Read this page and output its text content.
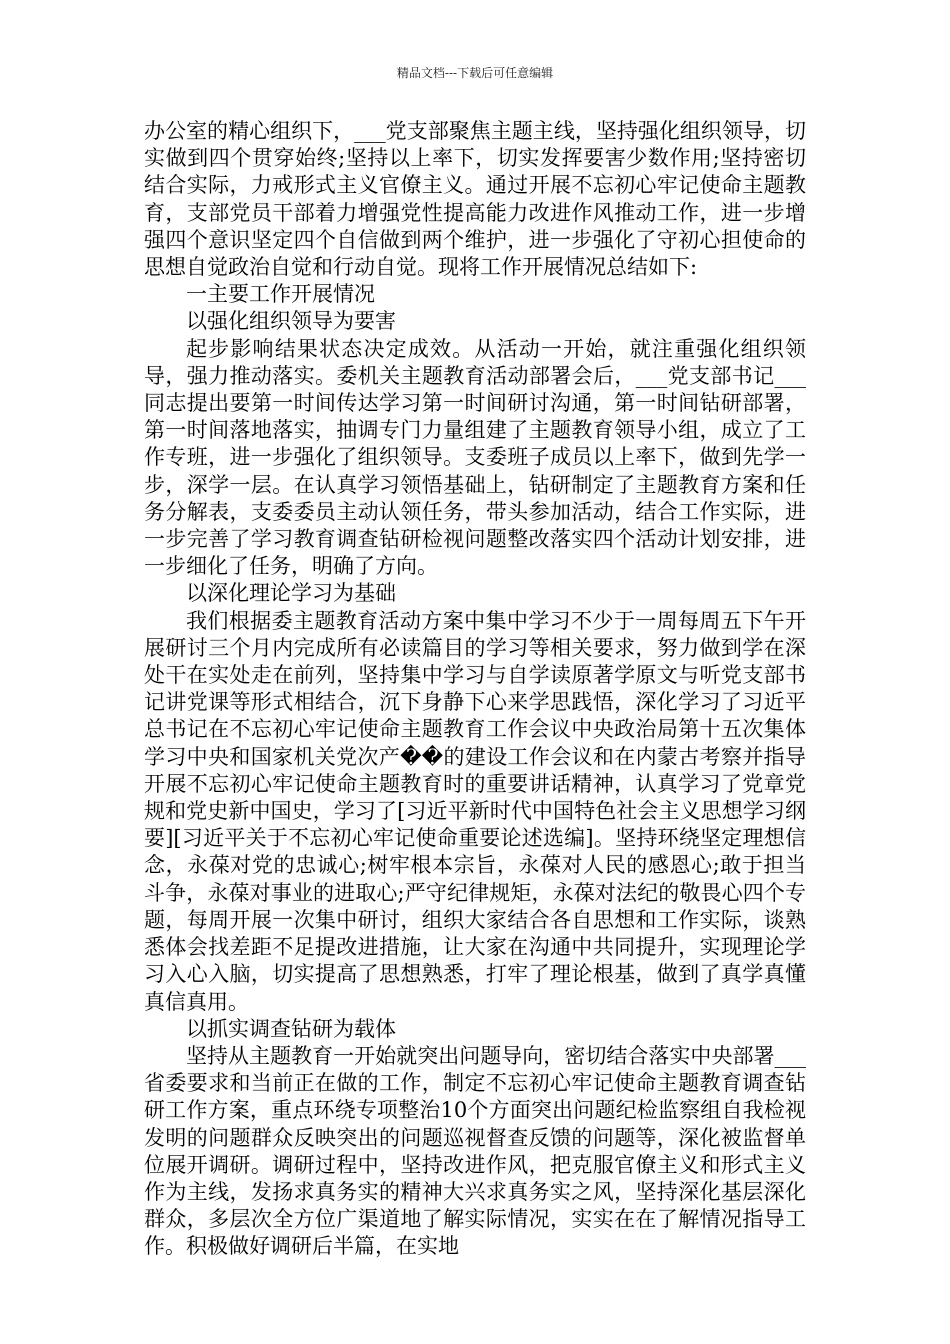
精品文档---下载后可任意编辑

办公室的精心组织下，___党支部聚焦主题主线，坚持强化组织领导，切实做到四个贯穿始终;坚持以上率下，切实发挥要害少数作用;坚持密切结合实际，力戒形式主义官僚主义。通过开展不忘初心牢记使命主题教育，支部党员干部着力增强党性提高能力改进作风推动工作，进一步增强四个意识坚定四个自信做到两个维护，进一步强化了守初心担使命的思想自觉政治自觉和行动自觉。现将工作开展情况总结如下:

一主要工作开展情况

以强化组织领导为要害

起步影响结果状态决定成效。从活动一开始，就注重强化组织领导，强力推动落实。委机关主题教育活动部署会后，___党支部书记___同志提出要第一时间传达学习第一时间研讨沟通，第一时间钻研部署，第一时间落地落实，抽调专门力量组建了主题教育领导小组，成立了工作专班，进一步强化了组织领导。支委班子成员以上率下，做到先学一步，深学一层。在认真学习领悟基础上，钻研制定了主题教育方案和任务分解表，支委委员主动认领任务，带头参加活动，结合工作实际，进一步完善了学习教育调查钻研检视问题整改落实四个活动计划安排，进一步细化了任务，明确了方向。

以深化理论学习为基础

我们根据委主题教育活动方案中集中学习不少于一周每周五下午开展研讨三个月内完成所有必读篇目的学习等相关要求，努力做到学在深处干在实处走在前列，坚持集中学习与自学读原著学原文与听党支部书记讲党课等形式相结合，沉下身静下心来学思践悟，深化学习了习近平总书记在不忘初心牢记使命主题教育工作会议中央政治局第十五次集体学习中央和国家机关党次产��的建设工作会议和在内蒙古考察并指导开展不忘初心牢记使命主题教育时的重要讲话精神，认真学习了党章党规和党史新中国史，学习了[习近平新时代中国特色社会主义思想学习纲要][习近平关于不忘初心牢记使命重要论述选编]。坚持环绕坚定理想信念，永葆对党的忠诚心;树牢根本宗旨，永葆对人民的感恩心;敢于担当斗争，永葆对事业的进取心;严守纪律规矩，永葆对法纪的敬畏心四个专题，每周开展一次集中研讨，组织大家结合各自思想和工作实际，谈熟悉体会找差距不足提改进措施，让大家在沟通中共同提升，实现理论学习入心入脑，切实提高了思想熟悉，打牢了理论根基，做到了真学真懂真信真用。

以抓实调查钻研为载体

坚持从主题教育一开始就突出问题导向，密切结合落实中央部署___省委要求和当前正在做的工作，制定不忘初心牢记使命主题教育调查钻研工作方案，重点环绕专项整治10个方面突出问题纪检监察组自我检视发明的问题群众反映突出的问题巡视督查反馈的问题等，深化被监督单位展开调研。调研过程中，坚持改进作风，把克服官僚主义和形式主义作为主线，发扬求真务实的精神大兴求真务实之风，坚持深化基层深化群众，多层次全方位广渠道地了解实际情况，实实在在了解情况指导工作。积极做好调研后半篇，在实地
